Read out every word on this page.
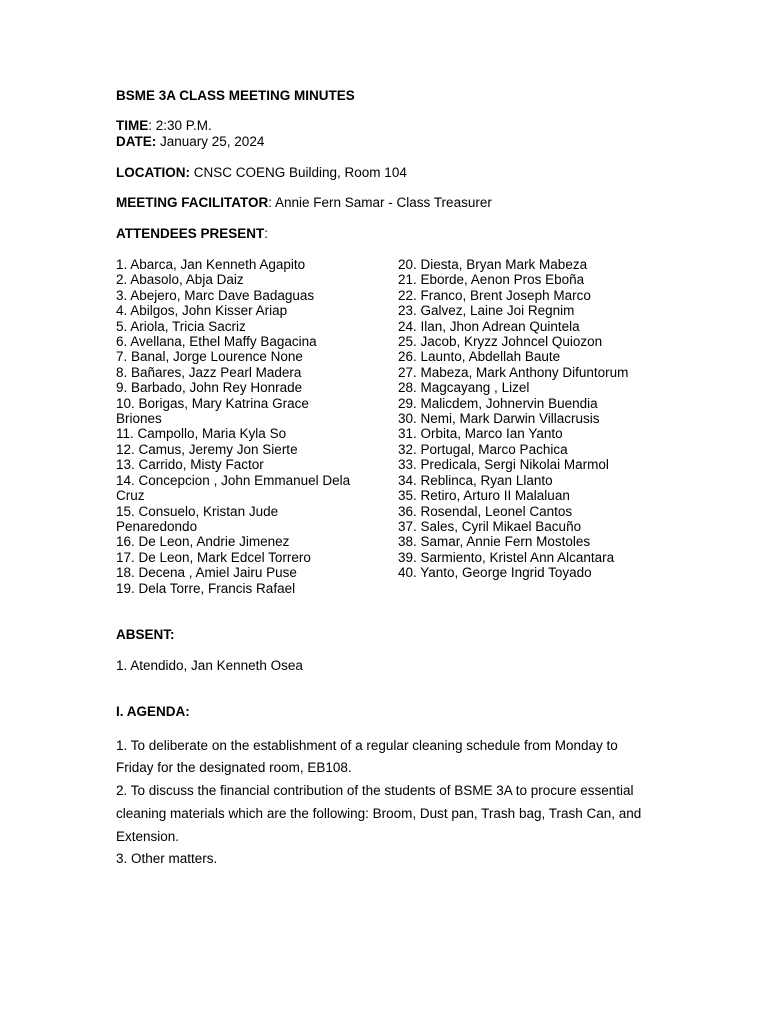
BSME 3A CLASS MEETING MINUTES

TIME: 2:30 P.M.

DATE: January 25, 2024

LOCATION: CNSC COENG Building, Room 104

MEETING FACILITATOR: Annie Fern Samar - Class Treasurer

ATTENDEES PRESENT:

1. Abarca, Jan Kenneth Agapito

2. Abasolo, Abja Daiz

3. Abejero, Marc Dave Badaguas

4. Abilgos, John Kisser Ariap

5. Ariola, Tricia Sacriz

6. Avellana, Ethel Maffy Bagacina

7. Banal, Jorge Lourence None

8. Bañares, Jazz Pearl Madera

9. Barbado, John Rey Honrade

10. Borigas, Mary Katrina Grace

Briones

11. Campollo, Maria Kyla So

12. Camus, Jeremy Jon Sierte

13. Carrido, Misty Factor

14. Concepcion , John Emmanuel Dela

Cruz

15. Consuelo, Kristan Jude

Penaredondo

16. De Leon, Andrie Jimenez

17. De Leon, Mark Edcel Torrero

18. Decena , Amiel Jairu Puse

19. Dela Torre, Francis Rafael

20. Diesta, Bryan Mark Mabeza

21. Eborde, Aenon Pros Eboña

22. Franco, Brent Joseph Marco

23. Galvez, Laine Joi Regnim

24. Ilan, Jhon Adrean Quintela

25. Jacob, Kryzz Johncel Quiozon

26. Launto, Abdellah Baute

27. Mabeza, Mark Anthony Difuntorum

28. Magcayang , Lizel

29. Malicdem, Johnervin Buendia

30. Nemi, Mark Darwin Villacrusis

31. Orbita, Marco Ian Yanto

32. Portugal, Marco Pachica

33. Predicala, Sergi Nikolai Marmol

34. Reblinca, Ryan Llanto

35. Retiro, Arturo II Malaluan

36. Rosendal, Leonel Cantos

37. Sales, Cyril Mikael Bacuño

38. Samar, Annie Fern Mostoles

39. Sarmiento, Kristel Ann Alcantara

40. Yanto, George Ingrid Toyado

ABSENT:

1. Atendido, Jan Kenneth Osea

I. AGENDA:

1. To deliberate on the establishment of a regular cleaning schedule from Monday to Friday for the designated room, EB108.

2. To discuss the financial contribution of the students of BSME 3A to procure essential cleaning materials which are the following: Broom, Dust pan, Trash bag, Trash Can, and Extension.

3. Other matters.
